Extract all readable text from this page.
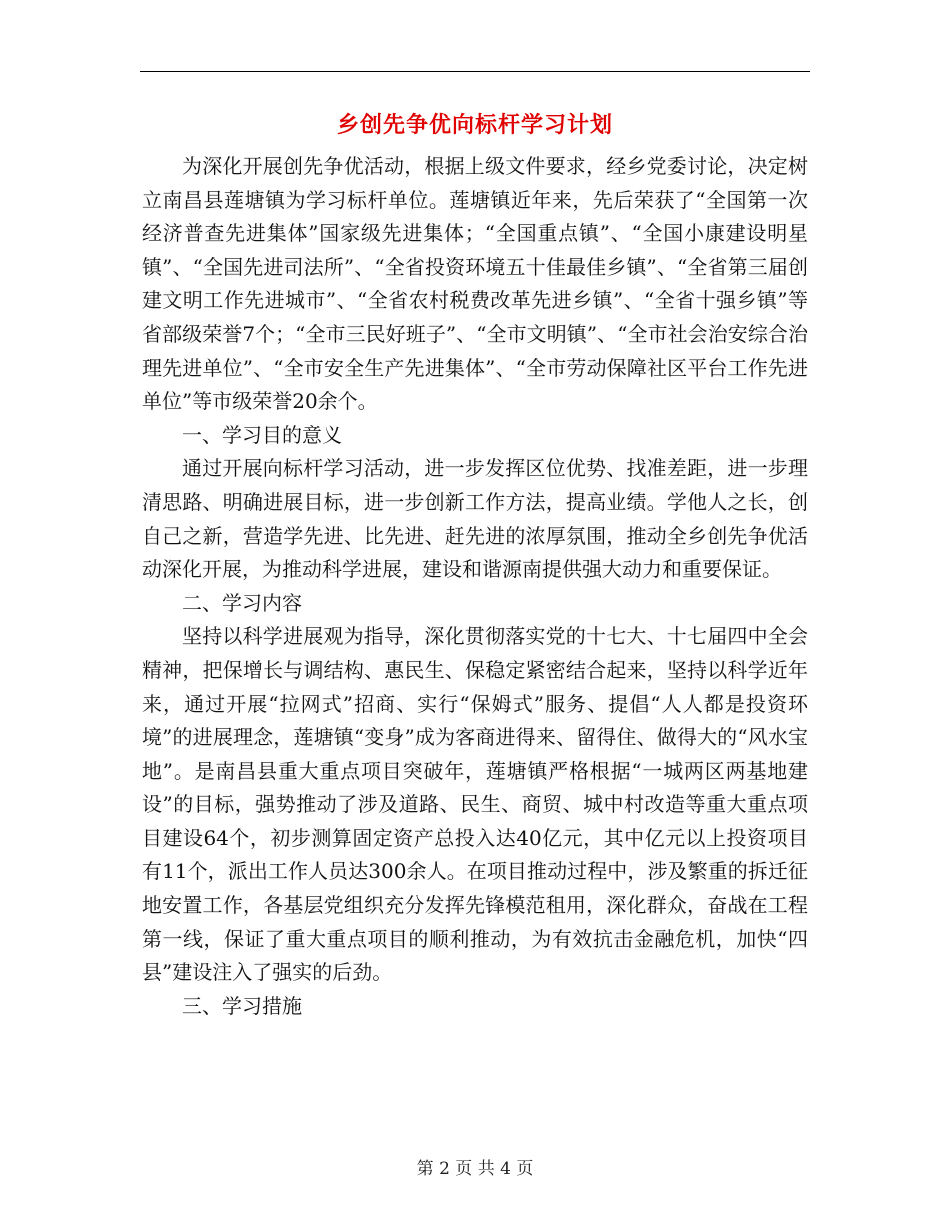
乡创先争优向标杆学习计划

为深化开展创先争优活动，根据上级文件要求，经乡党委讨论，决定树立南昌县莲塘镇为学习标杆单位。莲塘镇近年来，先后荣获了“全国第一次经济普查先进集体”国家级先进集体；“全国重点镇”、“全国小康建设明星镇”、“全国先进司法所”、“全省投资环境五十佳最佳乡镇”、“全省第三届创建文明工作先进城市”、“全省农村税费改革先进乡镇”、“全省十强乡镇”等省部级荣誉7个；“全市三民好班子”、“全市文明镇”、“全市社会治安综合治理先进单位”、“全市安全生产先进集体”、“全市劳动保障社区平台工作先进单位”等市级荣誉20余个。

一、学习目的意义

通过开展向标杆学习活动，进一步发挥区位优势、找准差距，进一步理清思路、明确进展目标，进一步创新工作方法，提高业绩。学他人之长，创自己之新，营造学先进、比先进、赶先进的浓厚氛围，推动全乡创先争优活动深化开展，为推动科学进展，建设和谐源南提供强大动力和重要保证。

二、学习内容

坚持以科学进展观为指导，深化贯彻落实党的十七大、十七届四中全会精神，把保增长与调结构、惠民生、保稳定紧密结合起来，坚持以科学近年来，通过开展“拉网式”招商、实行“保姆式”服务、提倡“人人都是投资环境”的进展理念，莲塘镇“变身”成为客商进得来、留得住、做得大的“风水宝地”。是南昌县重大重点项目突破年，莲塘镇严格根据“一城两区两基地建设”的目标，强势推动了涉及道路、民生、商贸、城中村改造等重大重点项目建设64个，初步测算固定资产总投入达40亿元，其中亿元以上投资项目有11个，派出工作人员达300余人。在项目推动过程中，涉及繁重的拆迁征地安置工作，各基层党组织充分发挥先锋模范租用，深化群众，奋战在工程第一线，保证了重大重点项目的顺利推动，为有效抗击金融危机，加快“四县”建设注入了强实的后劲。

三、学习措施

第 2 页 共 4 页
